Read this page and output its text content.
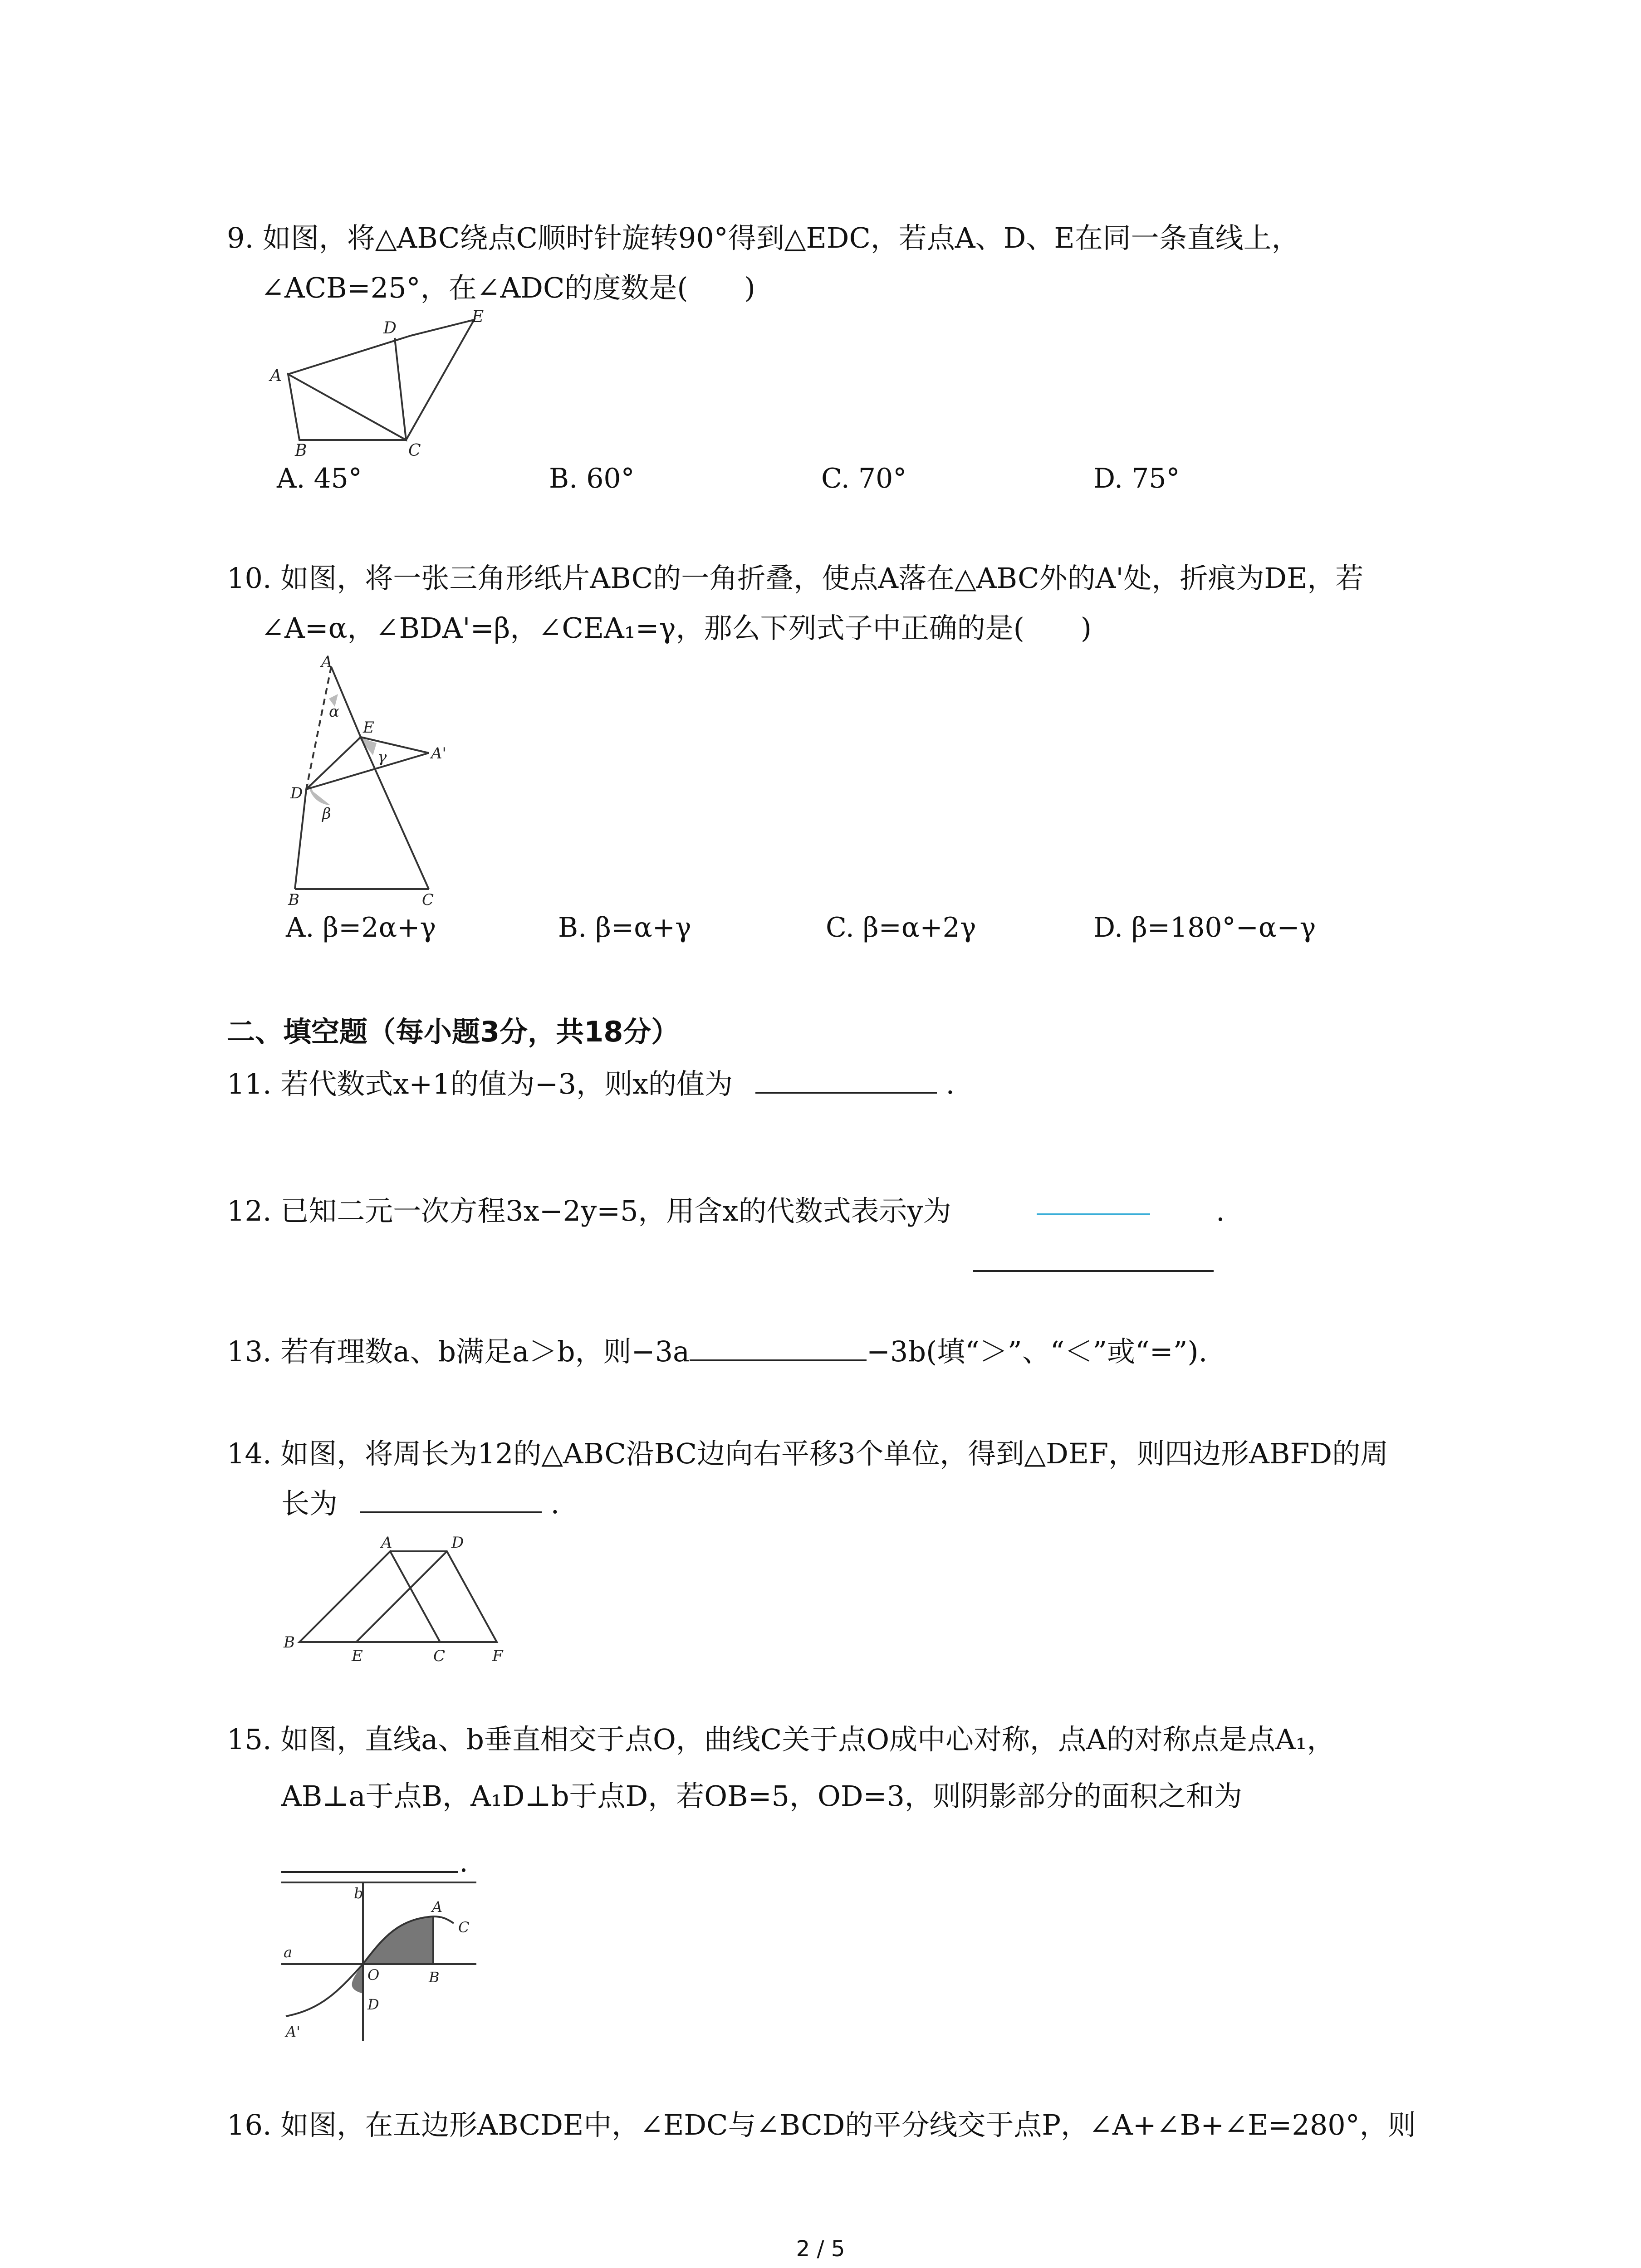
9. 如图，将△ABC绕点C顺时针旋转90°得到△EDC，若点A、D、E在同一条直线上，
∠ACB=25°，在∠ADC的度数是(　　)
A
B	C
D
E
A. 45°	B. 60°	C. 70°	D. 75°
10. 如图，将一张三角形纸片ABC的一角折叠，使点A落在△ABC外的A'处，折痕为DE，若
∠A=α，∠BDA'=β，∠CEA₁=γ，那么下列式子中正确的是(　　)
A
α
E
γ	A'
D
β
B	C
A. β=2α+γ	B. β=α+γ	C. β=α+2γ	D. β=180°−α−γ
二、填空题（每小题3分，共18分）
11. 若代数式x+1的值为−3，则x的值为	.
12. 已知二元一次方程3x−2y=5，用含x的代数式表示y为	.
13. 若有理数a、b满足a＞b，则−3a	−3b(填“＞”、“＜”或“=”).
14. 如图，将周长为12的△ABC沿BC边向右平移3个单位，得到△DEF，则四边形ABFD的周
长为	.
A	D
B
E	C	F
15. 如图，直线a、b垂直相交于点O，曲线C关于点O成中心对称，点A的对称点是点A₁，
AB⊥a于点B，A₁D⊥b于点D，若OB=5，OD=3，则阴影部分的面积之和为
.
b
A
C
a
O	B
A'
D
16. 如图，在五边形ABCDE中，∠EDC与∠BCD的平分线交于点P，∠A+∠B+∠E=280°，则
2 / 5
